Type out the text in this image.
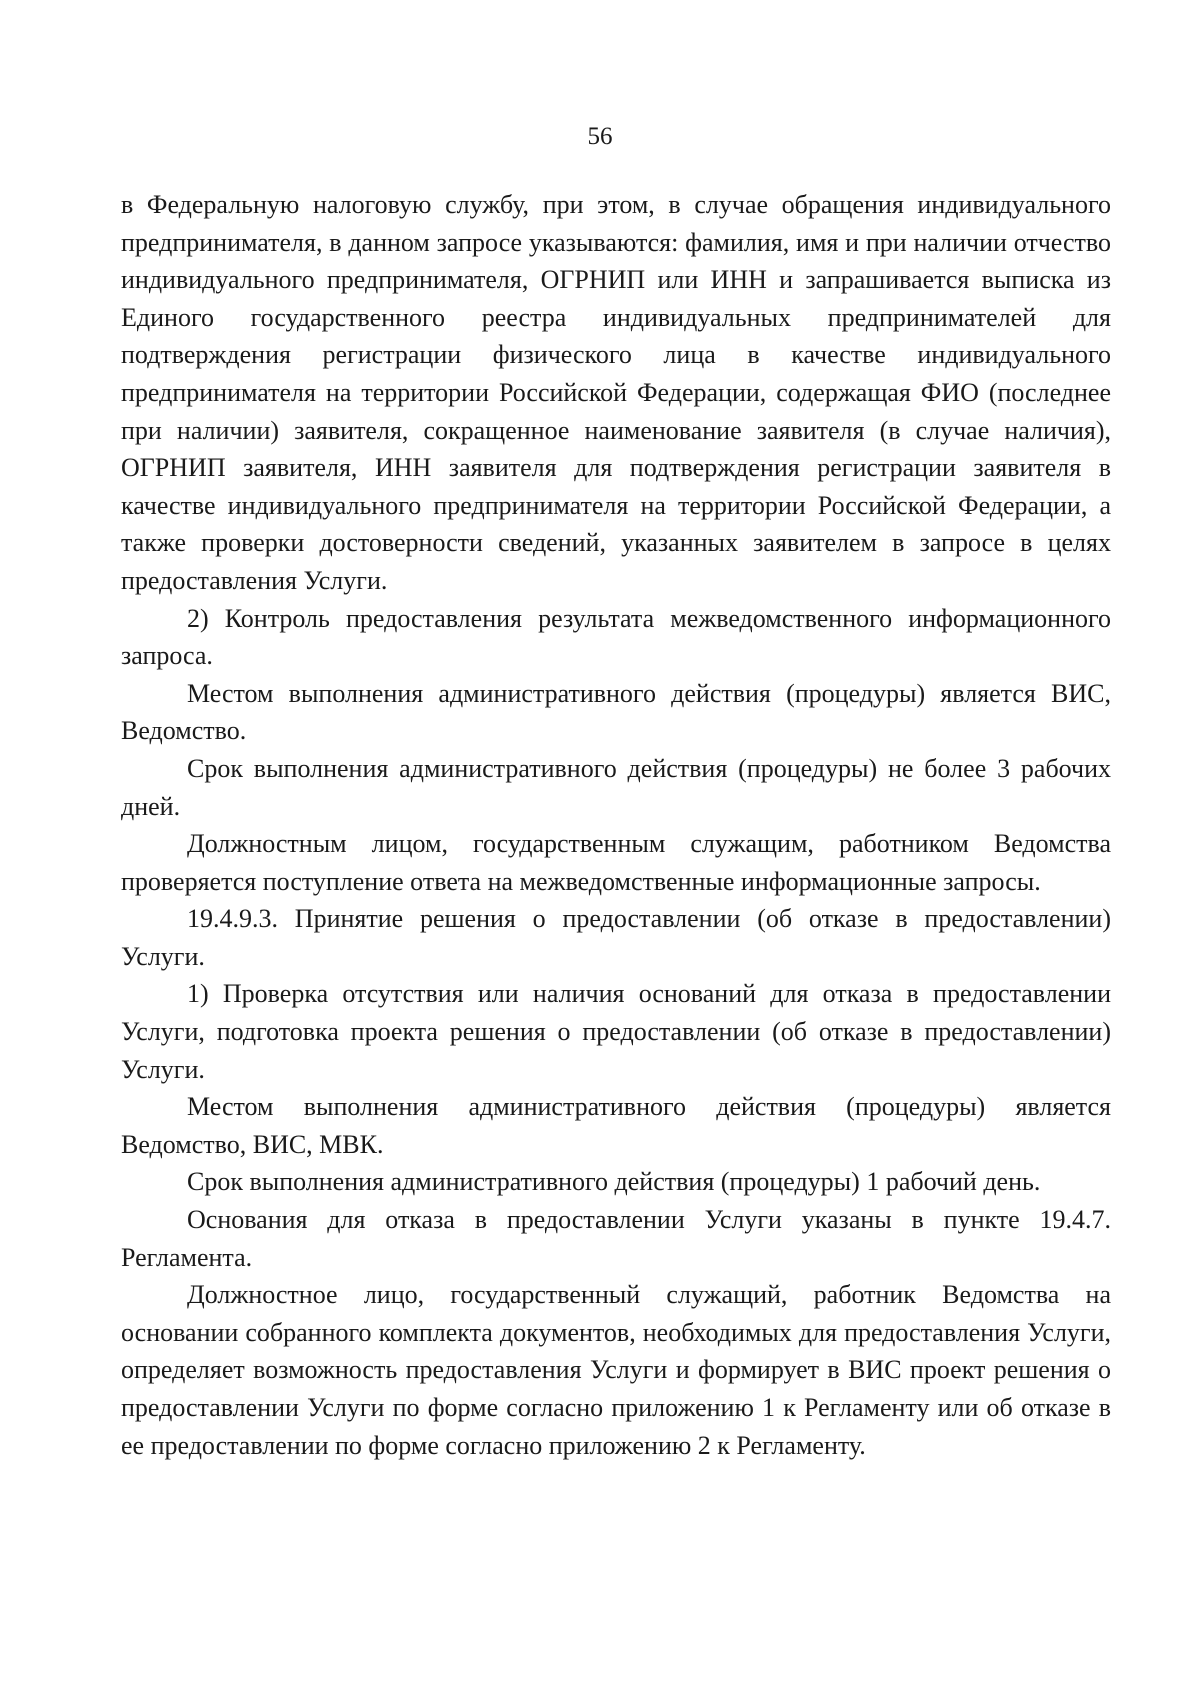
56

в Федеральную налоговую службу, при этом, в случае обращения индивидуального предпринимателя, в данном запросе указываются: фамилия, имя и при наличии отчество индивидуального предпринимателя, ОГРНИП или ИНН и запрашивается выписка из Единого государственного реестра индивидуальных предпринимателей для подтверждения регистрации физического лица в качестве индивидуального предпринимателя на территории Российской Федерации, содержащая ФИО (последнее при наличии) заявителя, сокращенное наименование заявителя (в случае наличия), ОГРНИП заявителя, ИНН заявителя для подтверждения регистрации заявителя в качестве индивидуального предпринимателя на территории Российской Федерации, а также проверки достоверности сведений, указанных заявителем в запросе в целях предоставления Услуги.

2) Контроль предоставления результата межведомственного информационного запроса.

Местом выполнения административного действия (процедуры) является ВИС, Ведомство.

Срок выполнения административного действия (процедуры) не более 3 рабочих дней.

Должностным лицом, государственным служащим, работником Ведомства проверяется поступление ответа на межведомственные информационные запросы.

19.4.9.3. Принятие решения о предоставлении (об отказе в предоставлении) Услуги.

1) Проверка отсутствия или наличия оснований для отказа в предоставлении Услуги, подготовка проекта решения о предоставлении (об отказе в предоставлении) Услуги.

Местом выполнения административного действия (процедуры) является Ведомство, ВИС, МВК.

Срок выполнения административного действия (процедуры) 1 рабочий день.

Основания для отказа в предоставлении Услуги указаны в пункте 19.4.7. Регламента.

Должностное лицо, государственный служащий, работник Ведомства на основании собранного комплекта документов, необходимых для предоставления Услуги, определяет возможность предоставления Услуги и формирует в ВИС проект решения о предоставлении Услуги по форме согласно приложению 1 к Регламенту или об отказе в ее предоставлении по форме согласно приложению 2 к Регламенту.
